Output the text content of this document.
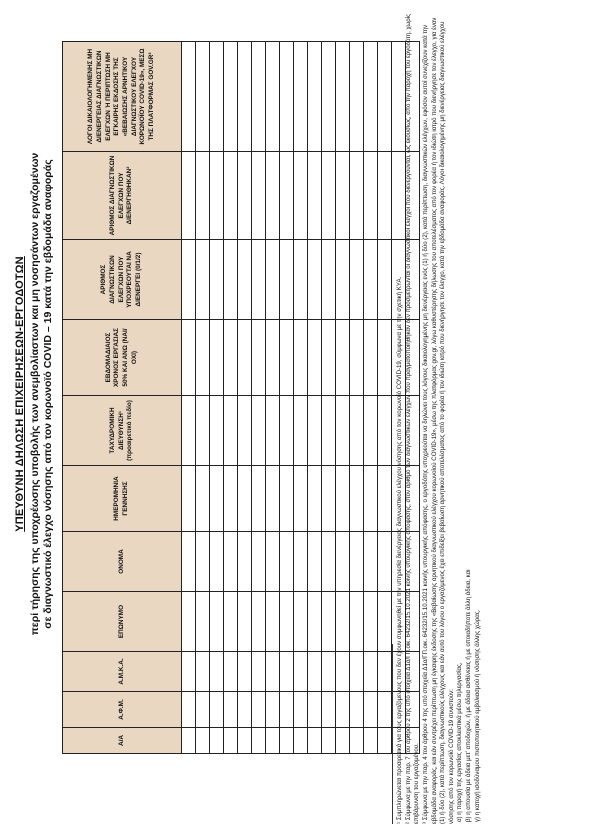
ΥΠΕΥΘΥΝΗ ΔΗΛΩΣΗ ΕΠΙΧΕΙΡΗΣΕΩΝ-ΕΡΓΟΔΟΤΩΝ περί τήρησης της υποχρέωσης υποβολής των ανεμβολίαστων και μη νοσησάντων εργαζομένων σε διαγνωστικό έλεγχο νόσησης από τον κορωνοϊό COVID – 19 κατά την εβδομάδα αναφοράς
Α/Α	Α.Φ.Μ.	Α.Μ.Κ.Α.	ΕΠΩΝΥΜΟ	ΟΝΟΜΑ	ΗΜΕΡΟΜΗΝΙΑ ΓΕΝΝΗΣΗΣ	ΤΑΧΥΔΡΟΜΙΚΗ ΔΙΕΥΘΥΝΣΗ¹ (προαιρετικό πεδίο)	ΕΒΔΟΜΑΔΙΑΙΟΣ ΧΡΟΝΟΣ ΕΡΓΑΣΙΑΣ 50% ΚΑΙ ΑΝΩ (ΝΑΙ/ΟΧΙ)	ΑΡΙΘΜΟΣ ΔΙΑΓΝΩΣΤΙΚΩΝ ΕΛΕΓΧΩΝ ΠΟΥ ΥΠΟΧΡΕΟΥΤΑΙ ΝΑ ΔΙΕΝΕΡΓΕΙ (0/1/2)	ΑΡΙΘΜΟΣ ΔΙΑΓΝΩΣΤΙΚΩΝ ΕΛΕΓΧΩΝ ΠΟΥ ΔΙΕΝΕΡΓΗΘΗΚΑΝ²	ΛΟΓΟΙ ΔΙΚΑΙΟΛΟΓΗΜΕΝΗΣ ΜΗ ΔΙΕΝΕΡΓΕΙΑΣ ΔΙΑΓΝΩΣΤΙΚΩΝ ΕΛΕΓΧΩΝ Ή ΠΕΡΙΠΤΩΣΗ ΜΗ ΕΓΚΑΙΡΗΣ ΕΚΔΟΣΗΣ ΤΗΣ «ΒΕΒΑΙΩΣΗΣ ΑΡΝΗΤΙΚΟΥ ΔΙΑΓΝΩΣΤΙΚΟΥ ΕΛΕΓΧΟΥ ΚΟΡΩΝΟΪΟΥ COVID-19», ΜΕΣΩ ΤΗΣ ΠΛΑΤΦΟΡΜΑΣ GOV.GR³

¹ Συμπληρώνεται προαιρετικά για τους εργαζόμενους που δεν έχουν συμφωνηθεί με την υπηρεσία διενέργειας διαγνωστικού ελέγχου νόσησης από τον κορωνοϊό COVID-19, σύμφωνα με την σχετική ΚΥΑ. ² Σύμφωνα με την παρ. 7 του άρθρου 2 της υπό στοιχεία Δ1α/ΓΠ.οικ. 64232/15.10.2021 κοινής υπουργικής απόφασης, στον αριθμό των διαγνωστικών ελέγχων που πραγματοποιήθηκαν δεν προσμετρώνται οι διαγνωστικοί έλεγχοι που διενεργούνται, ως εκουσίως, από την παροχή του εργοδότη, χωρίς επιβάρυνση του εργαζομένου. ³ Σύμφωνα με την παρ. 4 του άρθρου 4 της υπό στοιχεία Δ1α/ΓΠ.οικ. 64232/15.10.2021 κοινής υπουργικής απόφασης, ο εργοδότης υποχρεούται να δηλώνει τους λόγους δικαιολογημένης μη διενέργειας ενός (1) ή δύο (2), κατά περίπτωση, διαγνωστικών ελέγχων, εφόσον αυτοί συνεχίζουν κατά την εβδομάδα αναφοράς, και εάν συντρέχει περίπτωση μη έγκαιρης έκδοσης της «Βεβαίωσης αρνητικού διαγνωστικού ελέγχου κορωνοϊού COVID-19», μέσω της πλατφόρμας gov.gr, λόγω καθυστέρησης δήλωσης του αποτελέσματος από τον φορέα ή τον ιδιώτη ιατρό που διενήργησε τον έλεγχο, για έναν (1) ή δύο (2), κατά περίπτωση, διαγνωστικούς ελέγχους και εάν αυτό του λόγου ο εργαζόμενος έχει επιδείξει βεβαίωση αρνητικού αποτελέσματος από το φορέα ή τον ιδιώτη ιατρό που διενήργησε τον έλεγχο, κατά την εβδομάδα αναφοράς. Λόγοι δικαιολογημένης μη διενέργειας διαγνωστικού ελέγχου νόσησης από τον κορωνοϊό COVID-19 συνιστούν: α) η παροχή της εργασίας αποκλειστικά μέσω τηλεργασίας, β) η απουσία με άδεια μετ’ αποδοχών, ή με άδεια ασθένειας ή με οποιαδήποτε άλλη άδεια, και γ) η κατοχή ισοδύναμου πιστοποιητικού εμβολιασμού ή νόσησης άλλης χώρας.
